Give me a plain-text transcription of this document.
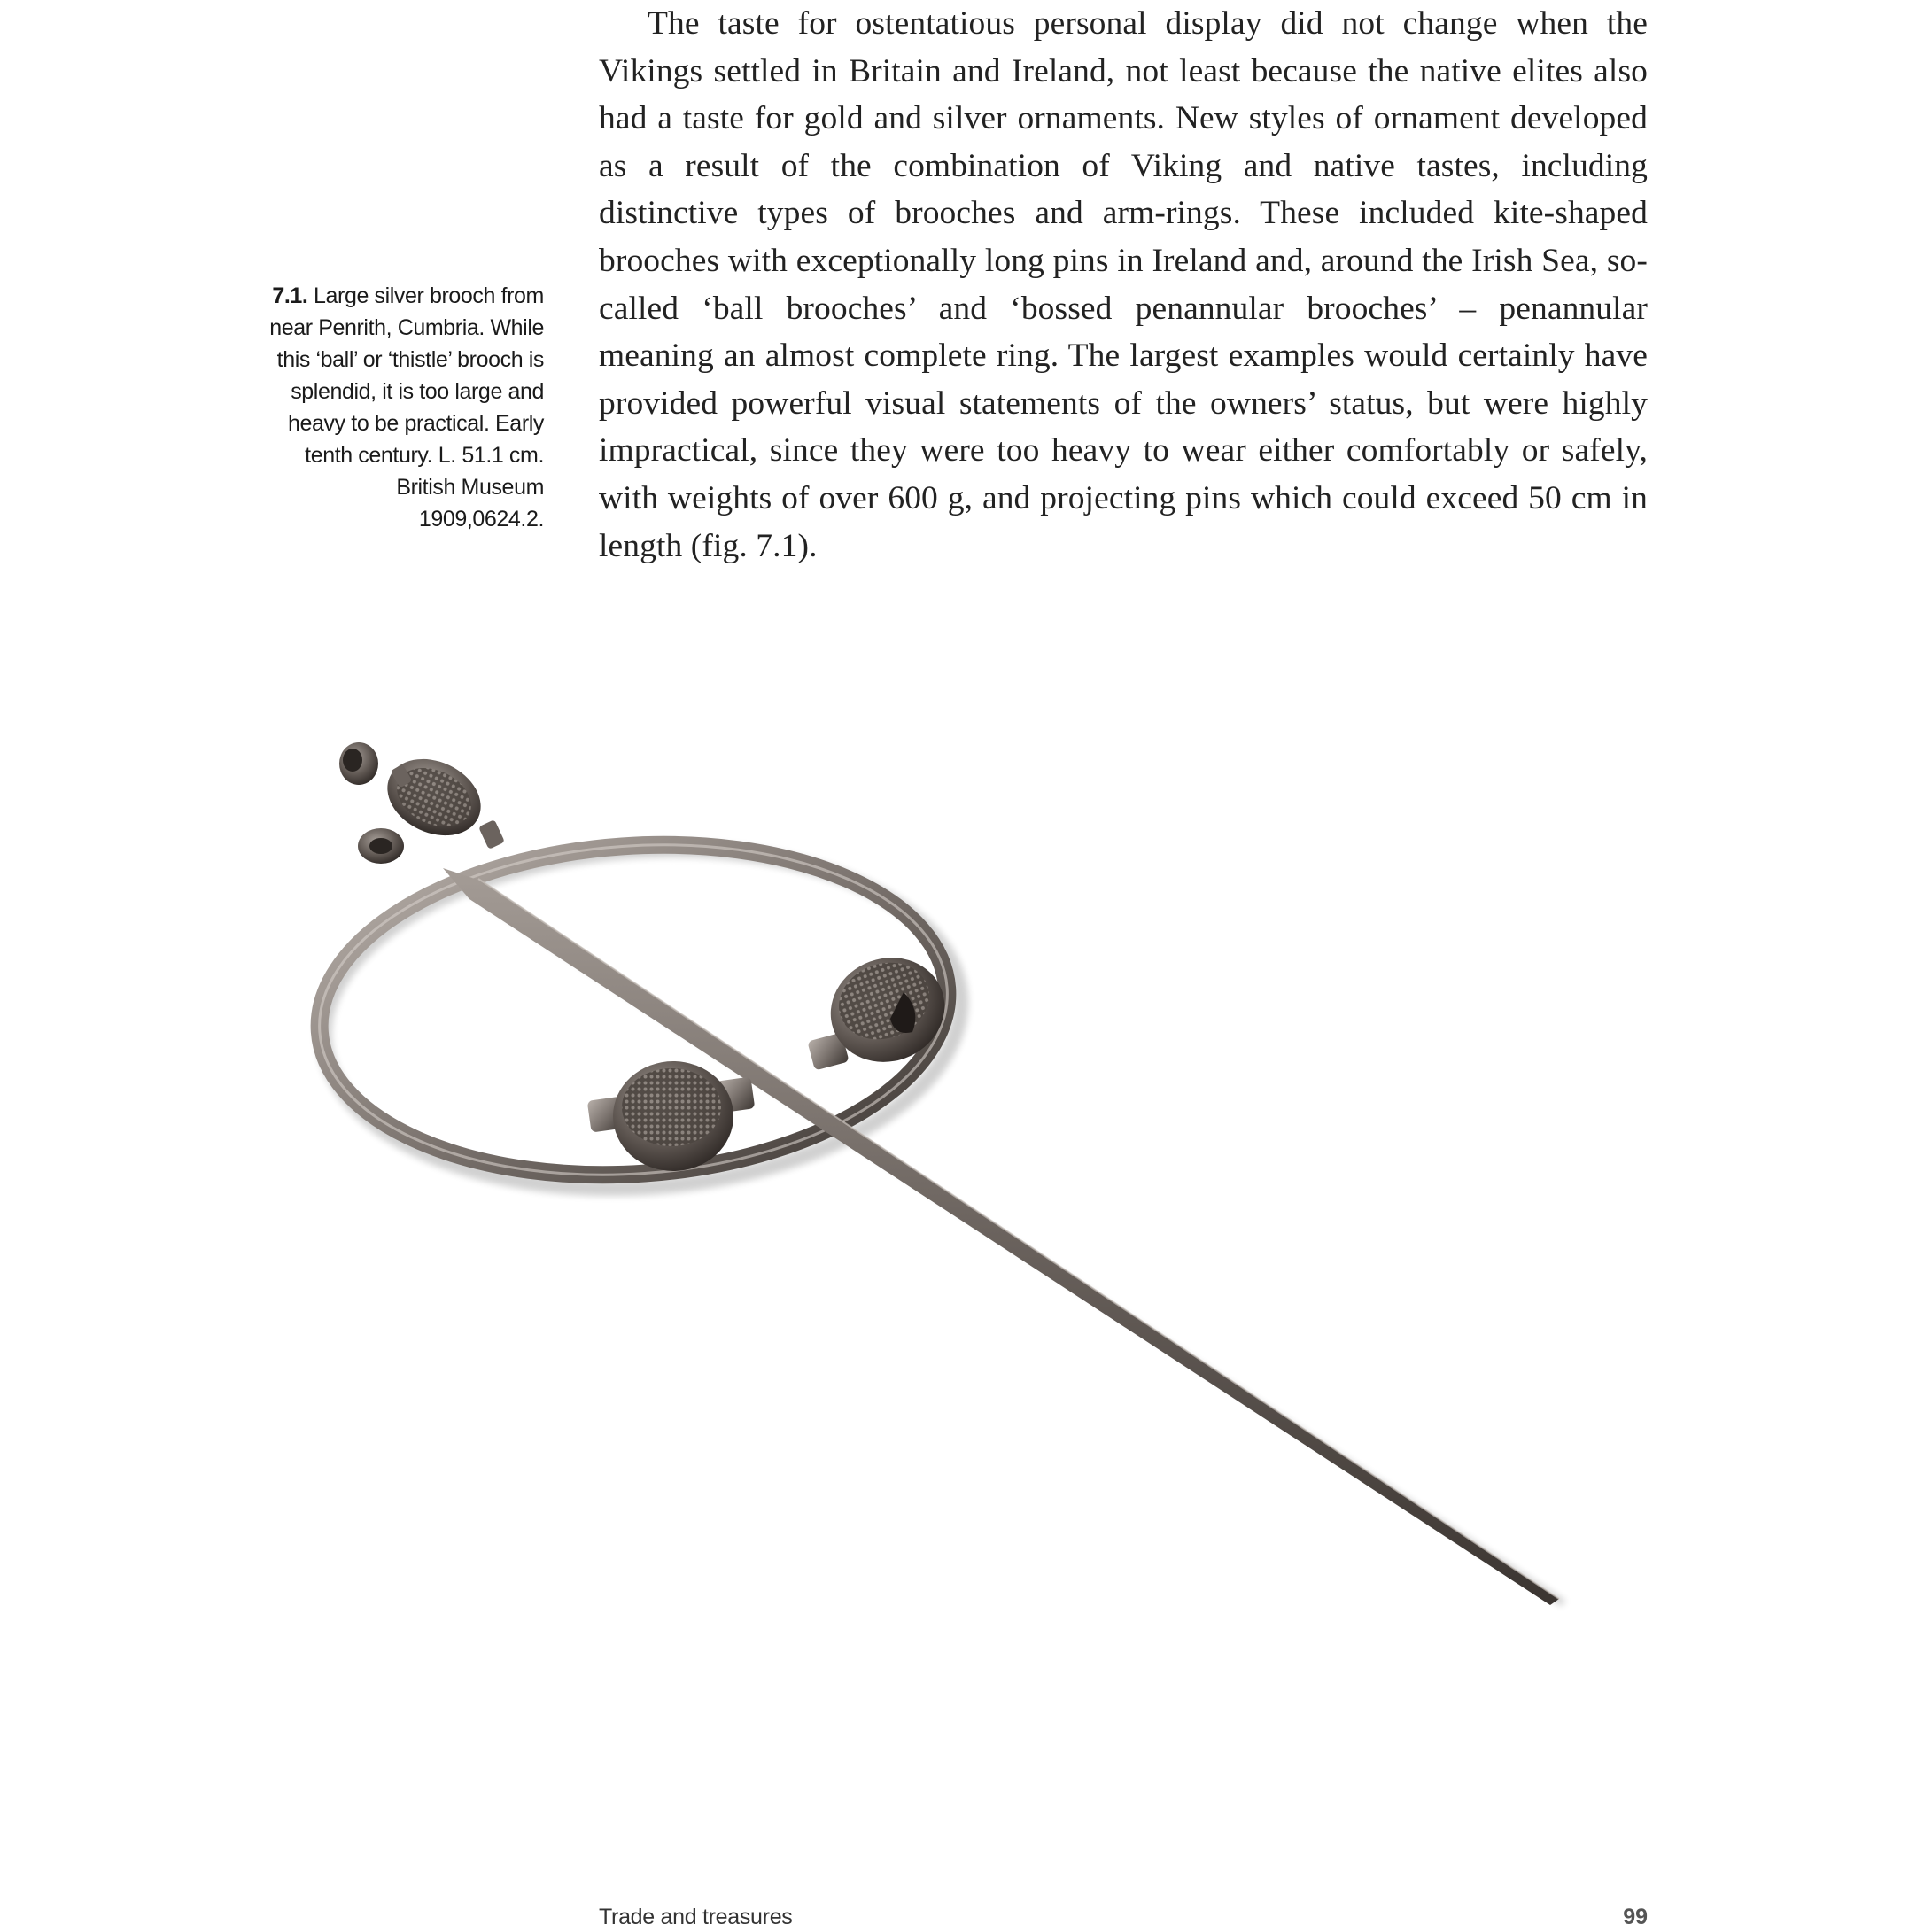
7.1. Large silver brooch from near Penrith, Cumbria. While this ‘ball’ or ‘thistle’ brooch is splendid, it is too large and heavy to be practical. Early tenth century. L. 51.1 cm. British Museum 1909,0624.2.

The taste for ostentatious personal display did not change when the Vikings settled in Britain and Ireland, not least because the native elites also had a taste for gold and silver ornaments. New styles of ornament developed as a result of the combination of Viking and native tastes, including distinctive types of brooches and arm-rings. These included kite-shaped brooches with exceptionally long pins in Ireland and, around the Irish Sea, so-called ‘ball brooches’ and ‘bossed penannular brooches’ – penannular meaning an almost complete ring. The largest examples would certainly have provided powerful visual statements of the owners’ status, but were highly impractical, since they were too heavy to wear either comfortably or safely, with weights of over 600 g, and projecting pins which could exceed 50 cm in length (fig. 7.1).

Trade and treasures	99
